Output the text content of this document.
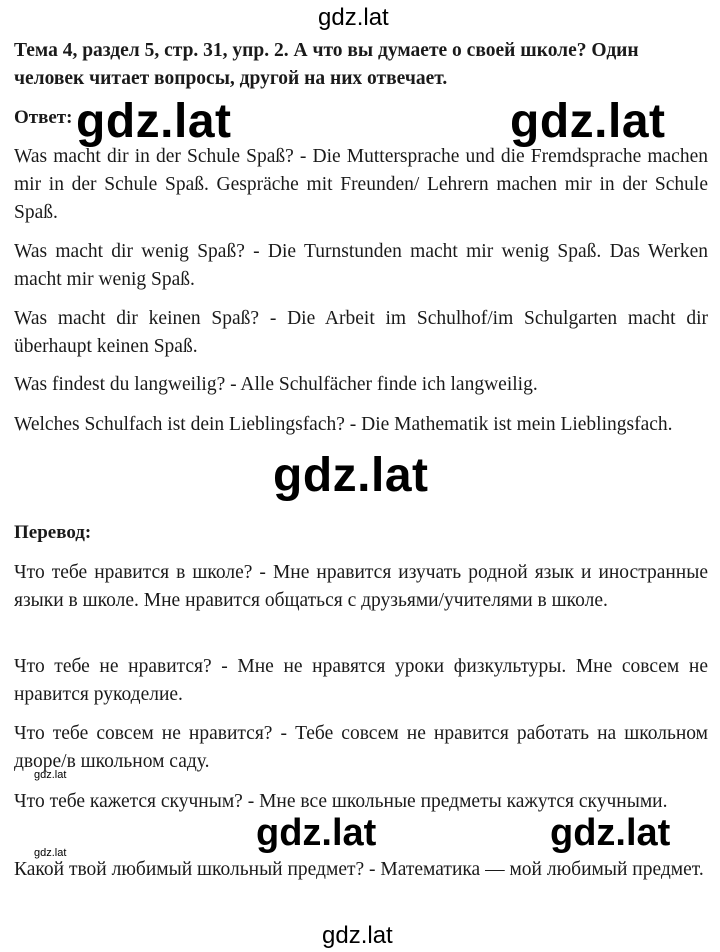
gdz.lat

Тема 4, раздел 5, стр. 31, упр. 2. А что вы думаете о своей школе? Один человек читает вопросы, другой на них отвечает.

Ответ: gdz.lat	gdz.lat

Was macht dir in der Schule Spaß? - Die Muttersprache und die Fremdsprache machen mir in der Schule Spaß. Gespräche mit Freunden/ Lehrern machen mir in der Schule Spaß.

Was macht dir wenig Spaß? - Die Turnstunden macht mir wenig Spaß. Das Werken macht mir wenig Spaß.

Was macht dir keinen Spaß? - Die Arbeit im Schulhof/im Schulgarten macht dir überhaupt keinen Spaß.

Was findest du langweilig? - Alle Schulfächer finde ich langweilig.

Welches Schulfach ist dein Lieblingsfach? - Die Mathematik ist mein Lieblingsfach.

gdz.lat

Перевод:

Что тебе нравится в школе? - Мне нравится изучать родной язык и иностранные языки в школе. Мне нравится общаться с друзьями/учителями в школе.

Что тебе не нравится? - Мне не нравятся уроки физкультуры. Мне совсем не нравится рукоделие.

Что тебе совсем не нравится? - Тебе совсем не нравится работать на школьном дворе/в школьном саду.

gdz.lat

Что тебе кажется скучным? - Мне все школьные предметы кажутся скучными.

gdz.lat	gdz.lat
gdz.lat

Какой твой любимый школьный предмет? - Математика — мой любимый предмет.

gdz.lat
